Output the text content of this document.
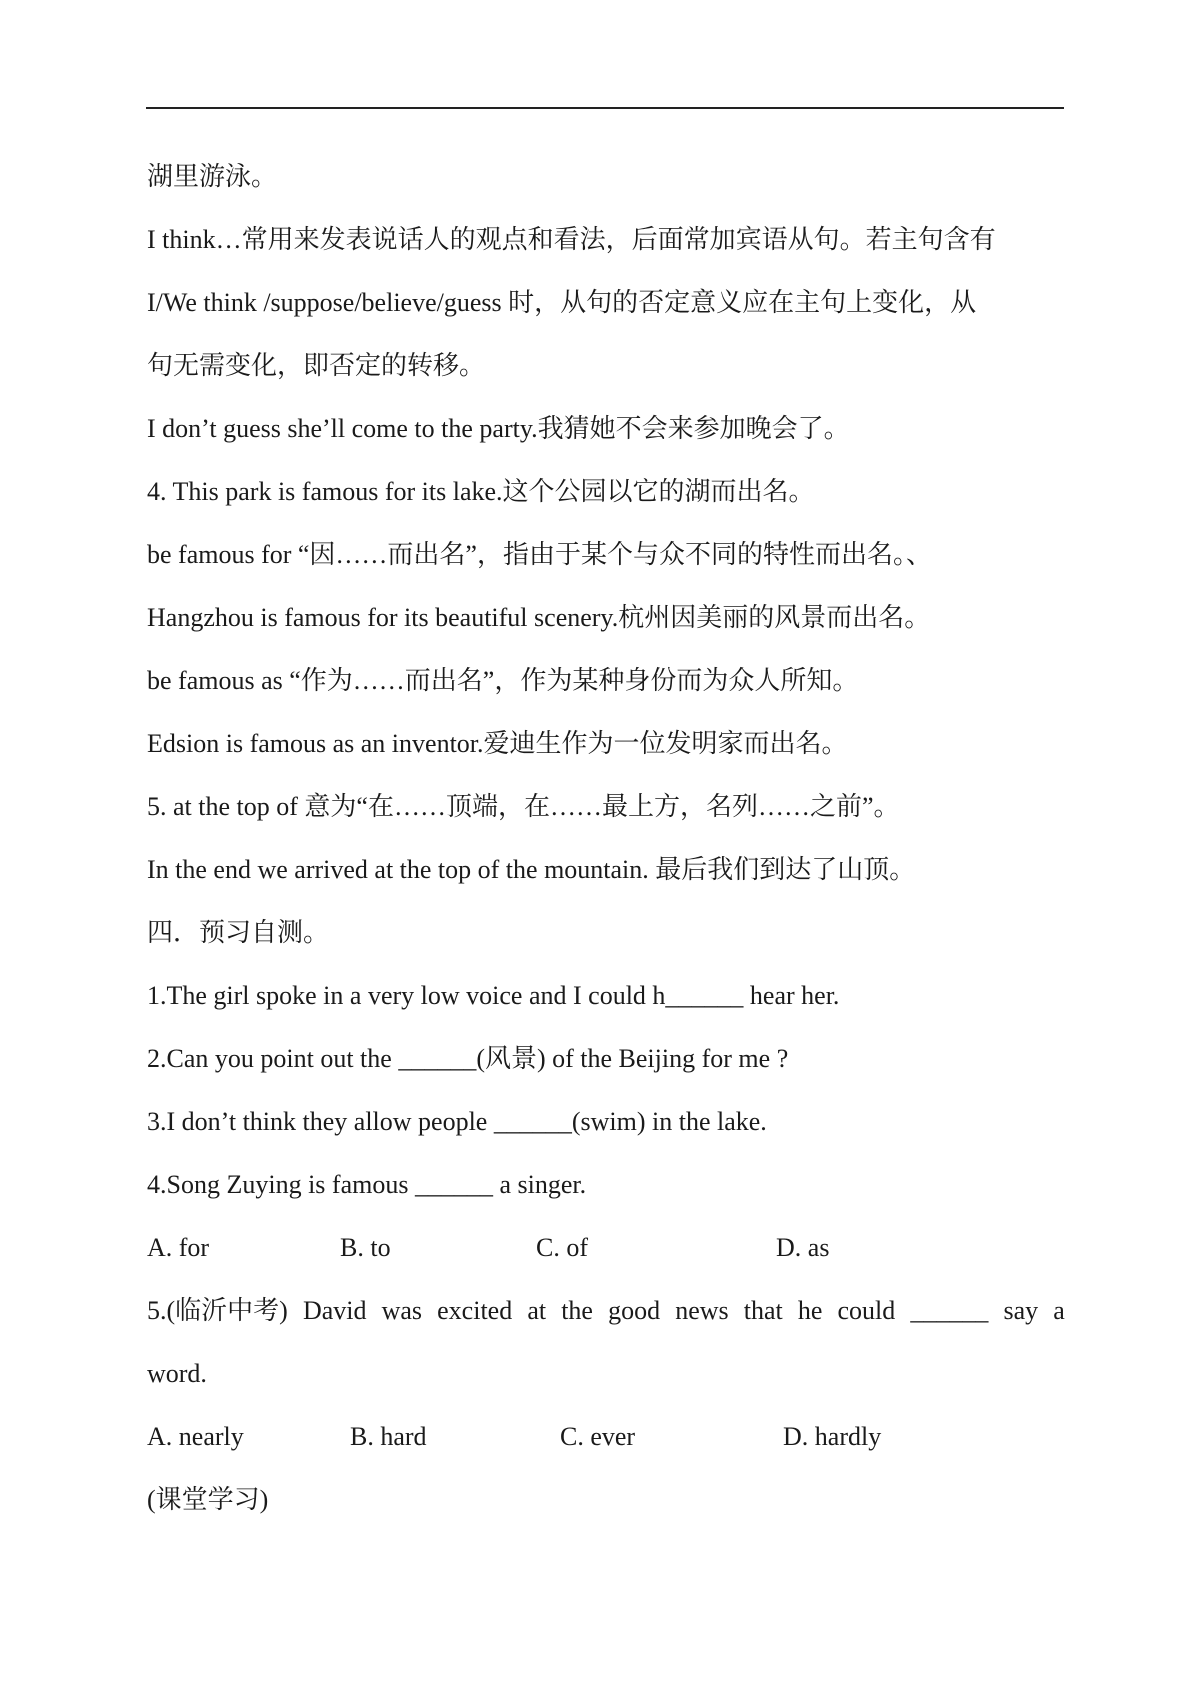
湖里游泳。
I think…常用来发表说话人的观点和看法，后面常加宾语从句。若主句含有
I/We think /suppose/believe/guess 时，从句的否定意义应在主句上变化，从
句无需变化，即否定的转移。
I don’t guess she’ll come to the party.我猜她不会来参加晚会了。
4. This park is famous for its lake.这个公园以它的湖而出名。
be famous for “因……而出名”，指由于某个与众不同的特性而出名。、
Hangzhou is famous for its beautiful scenery.杭州因美丽的风景而出名。
be famous as “作为……而出名”，作为某种身份而为众人所知。
Edsion is famous as an inventor.爱迪生作为一位发明家而出名。
5. at the top of 意为“在……顶端，在……最上方，名列……之前”。
In the end we arrived at the top of the mountain. 最后我们到达了山顶。
四．预习自测。
1.The girl spoke in a very low voice and I could h______ hear her.
2.Can you point out the ______(风景) of the Beijing for me ?
3.I don’t think they allow people ______(swim) in the lake.
4.Song Zuying is famous ______ a singer.
A. for	B. to	C. of	D. as
5.(临沂中考) David was excited at the good news that he could ______ say a
word.
A. nearly	B. hard	C. ever	D. hardly
(课堂学习)
